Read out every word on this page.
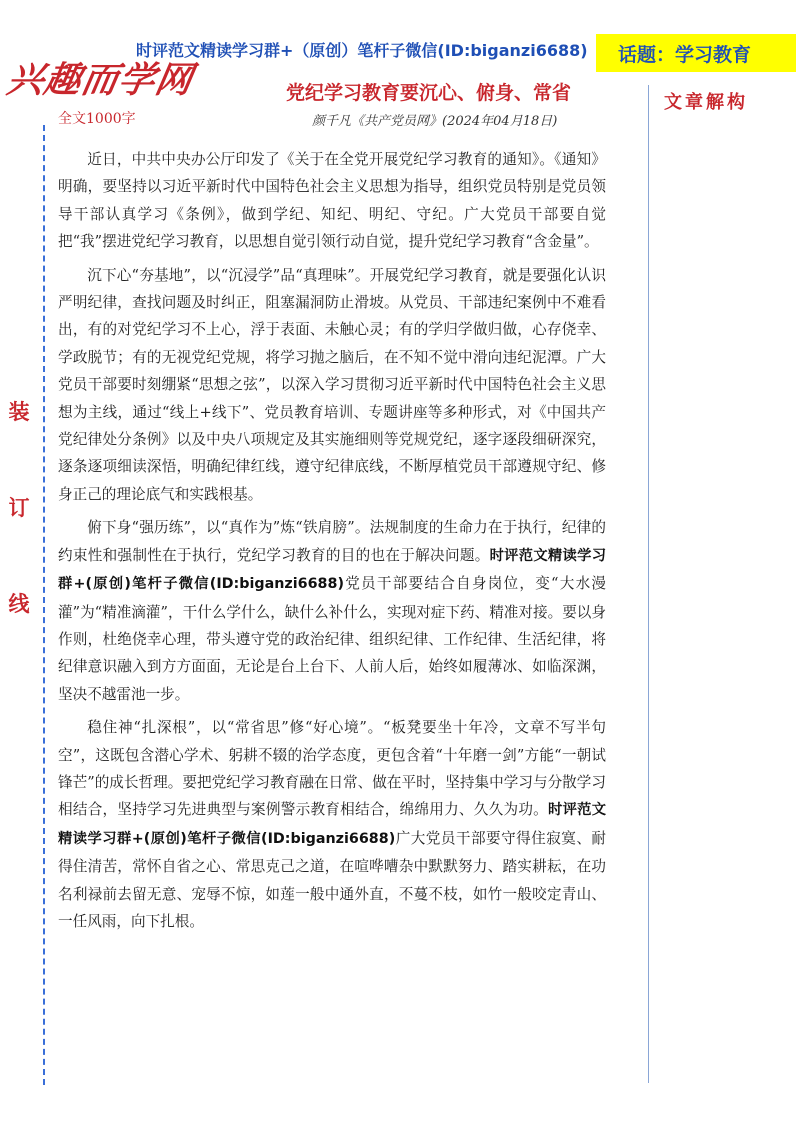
兴趣而学网
时评范文精读学习群+（原创）笔杆子微信(ID:biganzi6688)	话题：学习教育
党纪学习教育要沉心、俯身、常省
全文1000字	颜千凡《共产党员网》(2024年04月18日)
文章解构
装
订
线

近日，中共中央办公厅印发了《关于在全党开展党纪学习教育的通知》。《通知》明确，要坚持以习近平新时代中国特色社会主义思想为指导，组织党员特别是党员领导干部认真学习《条例》，做到学纪、知纪、明纪、守纪。广大党员干部要自觉把“我”摆进党纪学习教育，以思想自觉引领行动自觉，提升党纪学习教育“含金量”。

沉下心“夯基地”，以“沉浸学”品“真理味”。开展党纪学习教育，就是要强化认识严明纪律，查找问题及时纠正，阻塞漏洞防止滑坡。从党员、干部违纪案例中不难看出，有的对党纪学习不上心，浮于表面、未触心灵；有的学归学做归做，心存侥幸、学政脱节；有的无视党纪党规，将学习抛之脑后，在不知不觉中滑向违纪泥潭。广大党员干部要时刻绷紧“思想之弦”，以深入学习贯彻习近平新时代中国特色社会主义思想为主线，通过“线上+线下”、党员教育培训、专题讲座等多种形式，对《中国共产党纪律处分条例》以及中央八项规定及其实施细则等党规党纪，逐字逐段细研深究，逐条逐项细读深悟，明确纪律红线，遵守纪律底线，不断厚植党员干部遵规守纪、修身正己的理论底气和实践根基。

俯下身“强历练”，以“真作为”炼“铁肩膀”。法规制度的生命力在于执行，纪律的约束性和强制性在于执行，党纪学习教育的目的也在于解决问题。时评范文精读学习群+(原创)笔杆子微信(ID:biganzi6688)党员干部要结合自身岗位，变“大水漫灌”为“精准滴灌”，干什么学什么，缺什么补什么，实现对症下药、精准对接。要以身作则，杜绝侥幸心理，带头遵守党的政治纪律、组织纪律、工作纪律、生活纪律，将纪律意识融入到方方面面，无论是台上台下、人前人后，始终如履薄冰、如临深渊，坚决不越雷池一步。

稳住神“扎深根”，以“常省思”修“好心境”。“板凳要坐十年冷，文章不写半句空”，这既包含潜心学术、躬耕不辍的治学态度，更包含着“十年磨一剑”方能“一朝试锋芒”的成长哲理。要把党纪学习教育融在日常、做在平时，坚持集中学习与分散学习相结合，坚持学习先进典型与案例警示教育相结合，绵绵用力、久久为功。时评范文精读学习群+(原创)笔杆子微信(ID:biganzi6688)广大党员干部要守得住寂寞、耐得住清苦，常怀自省之心、常思克己之道，在喧哗嘈杂中默默努力、踏实耕耘，在功名利禄前去留无意、宠辱不惊，如莲一般中通外直，不蔓不枝，如竹一般咬定青山、一任风雨，向下扎根。
